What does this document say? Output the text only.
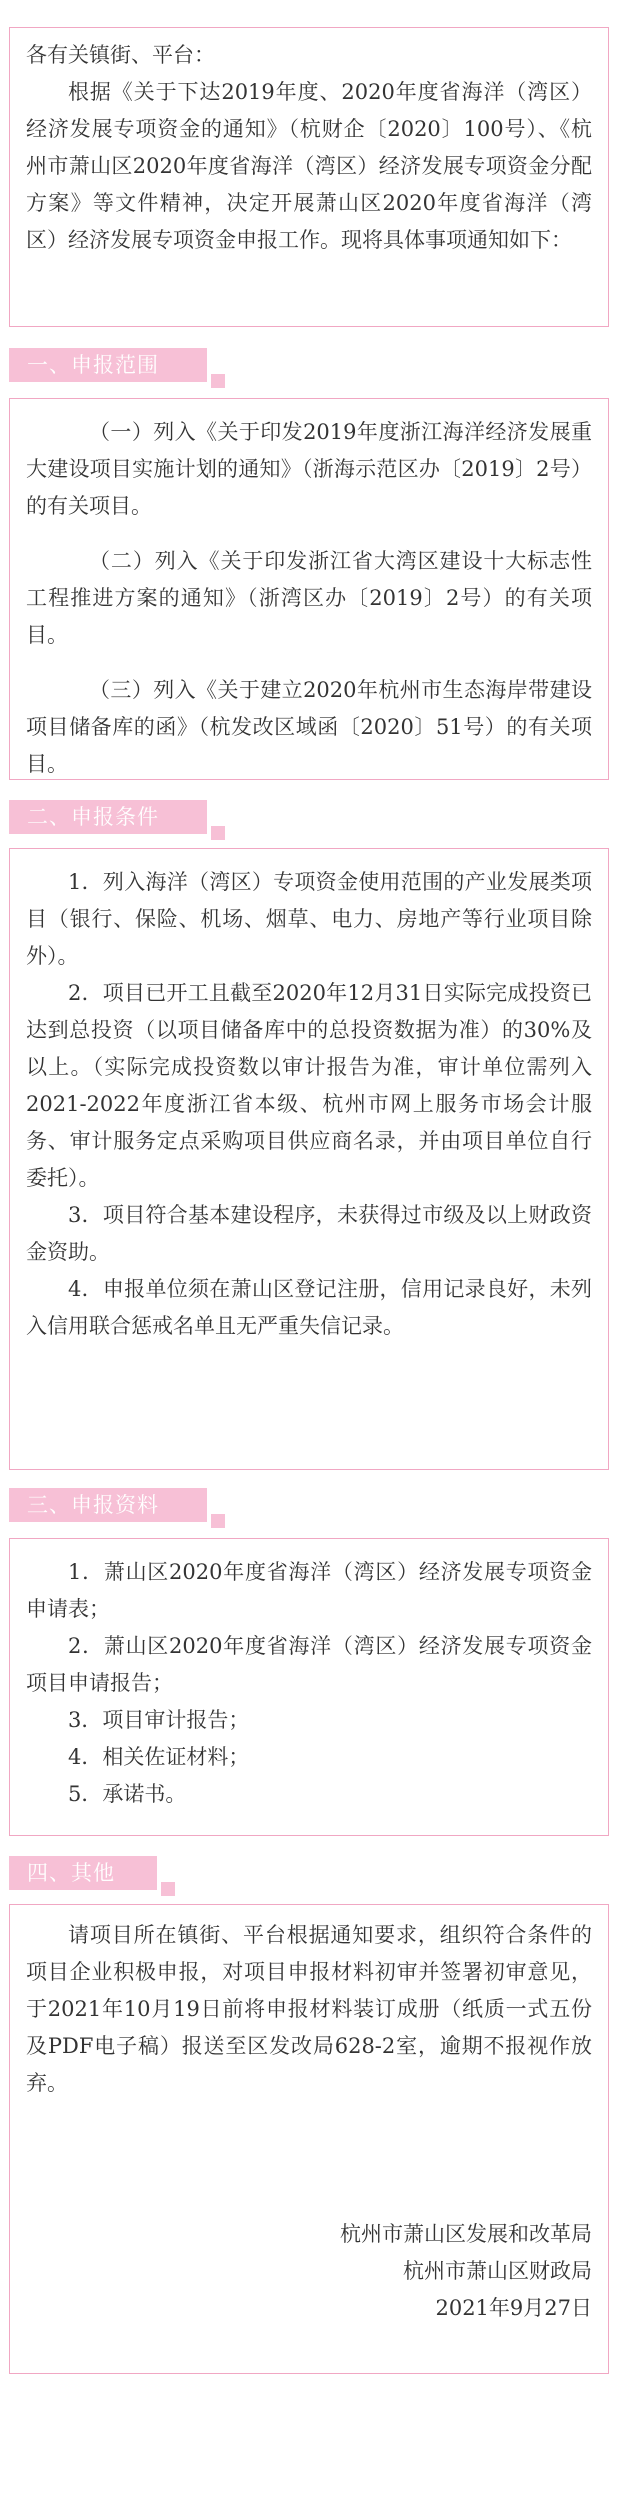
各有关镇街、平台：

根据《关于下达2019年度、2020年度省海洋（湾区）经济发展专项资金的通知》（杭财企〔2020〕100号）、《杭州市萧山区2020年度省海洋（湾区）经济发展专项资金分配方案》等文件精神，决定开展萧山区2020年度省海洋（湾区）经济发展专项资金申报工作。现将具体事项通知如下：

一、申报范围

（一）列入《关于印发2019年度浙江海洋经济发展重大建设项目实施计划的通知》（浙海示范区办〔2019〕2号）的有关项目。

（二）列入《关于印发浙江省大湾区建设十大标志性工程推进方案的通知》（浙湾区办〔2019〕2号）的有关项目。

（三）列入《关于建立2020年杭州市生态海岸带建设项目储备库的函》（杭发改区域函〔2020〕51号）的有关项目。

二、申报条件

1．列入海洋（湾区）专项资金使用范围的产业发展类项目（银行、保险、机场、烟草、电力、房地产等行业项目除外）。

2．项目已开工且截至2020年12月31日实际完成投资已达到总投资（以项目储备库中的总投资数据为准）的30%及以上。（实际完成投资数以审计报告为准，审计单位需列入2021-2022年度浙江省本级、杭州市网上服务市场会计服务、审计服务定点采购项目供应商名录，并由项目单位自行委托）。

3．项目符合基本建设程序，未获得过市级及以上财政资金资助。

4．申报单位须在萧山区登记注册，信用记录良好，未列入信用联合惩戒名单且无严重失信记录。

三、申报资料

1．萧山区2020年度省海洋（湾区）经济发展专项资金申请表；

2．萧山区2020年度省海洋（湾区）经济发展专项资金项目申请报告；

3．项目审计报告；

4．相关佐证材料；

5．承诺书。

四、其他

请项目所在镇街、平台根据通知要求，组织符合条件的项目企业积极申报，对项目申报材料初审并签署初审意见，于2021年10月19日前将申报材料装订成册（纸质一式五份及PDF电子稿）报送至区发改局628-2室，逾期不报视作放弃。

杭州市萧山区发展和改革局

杭州市萧山区财政局

2021年9月27日
